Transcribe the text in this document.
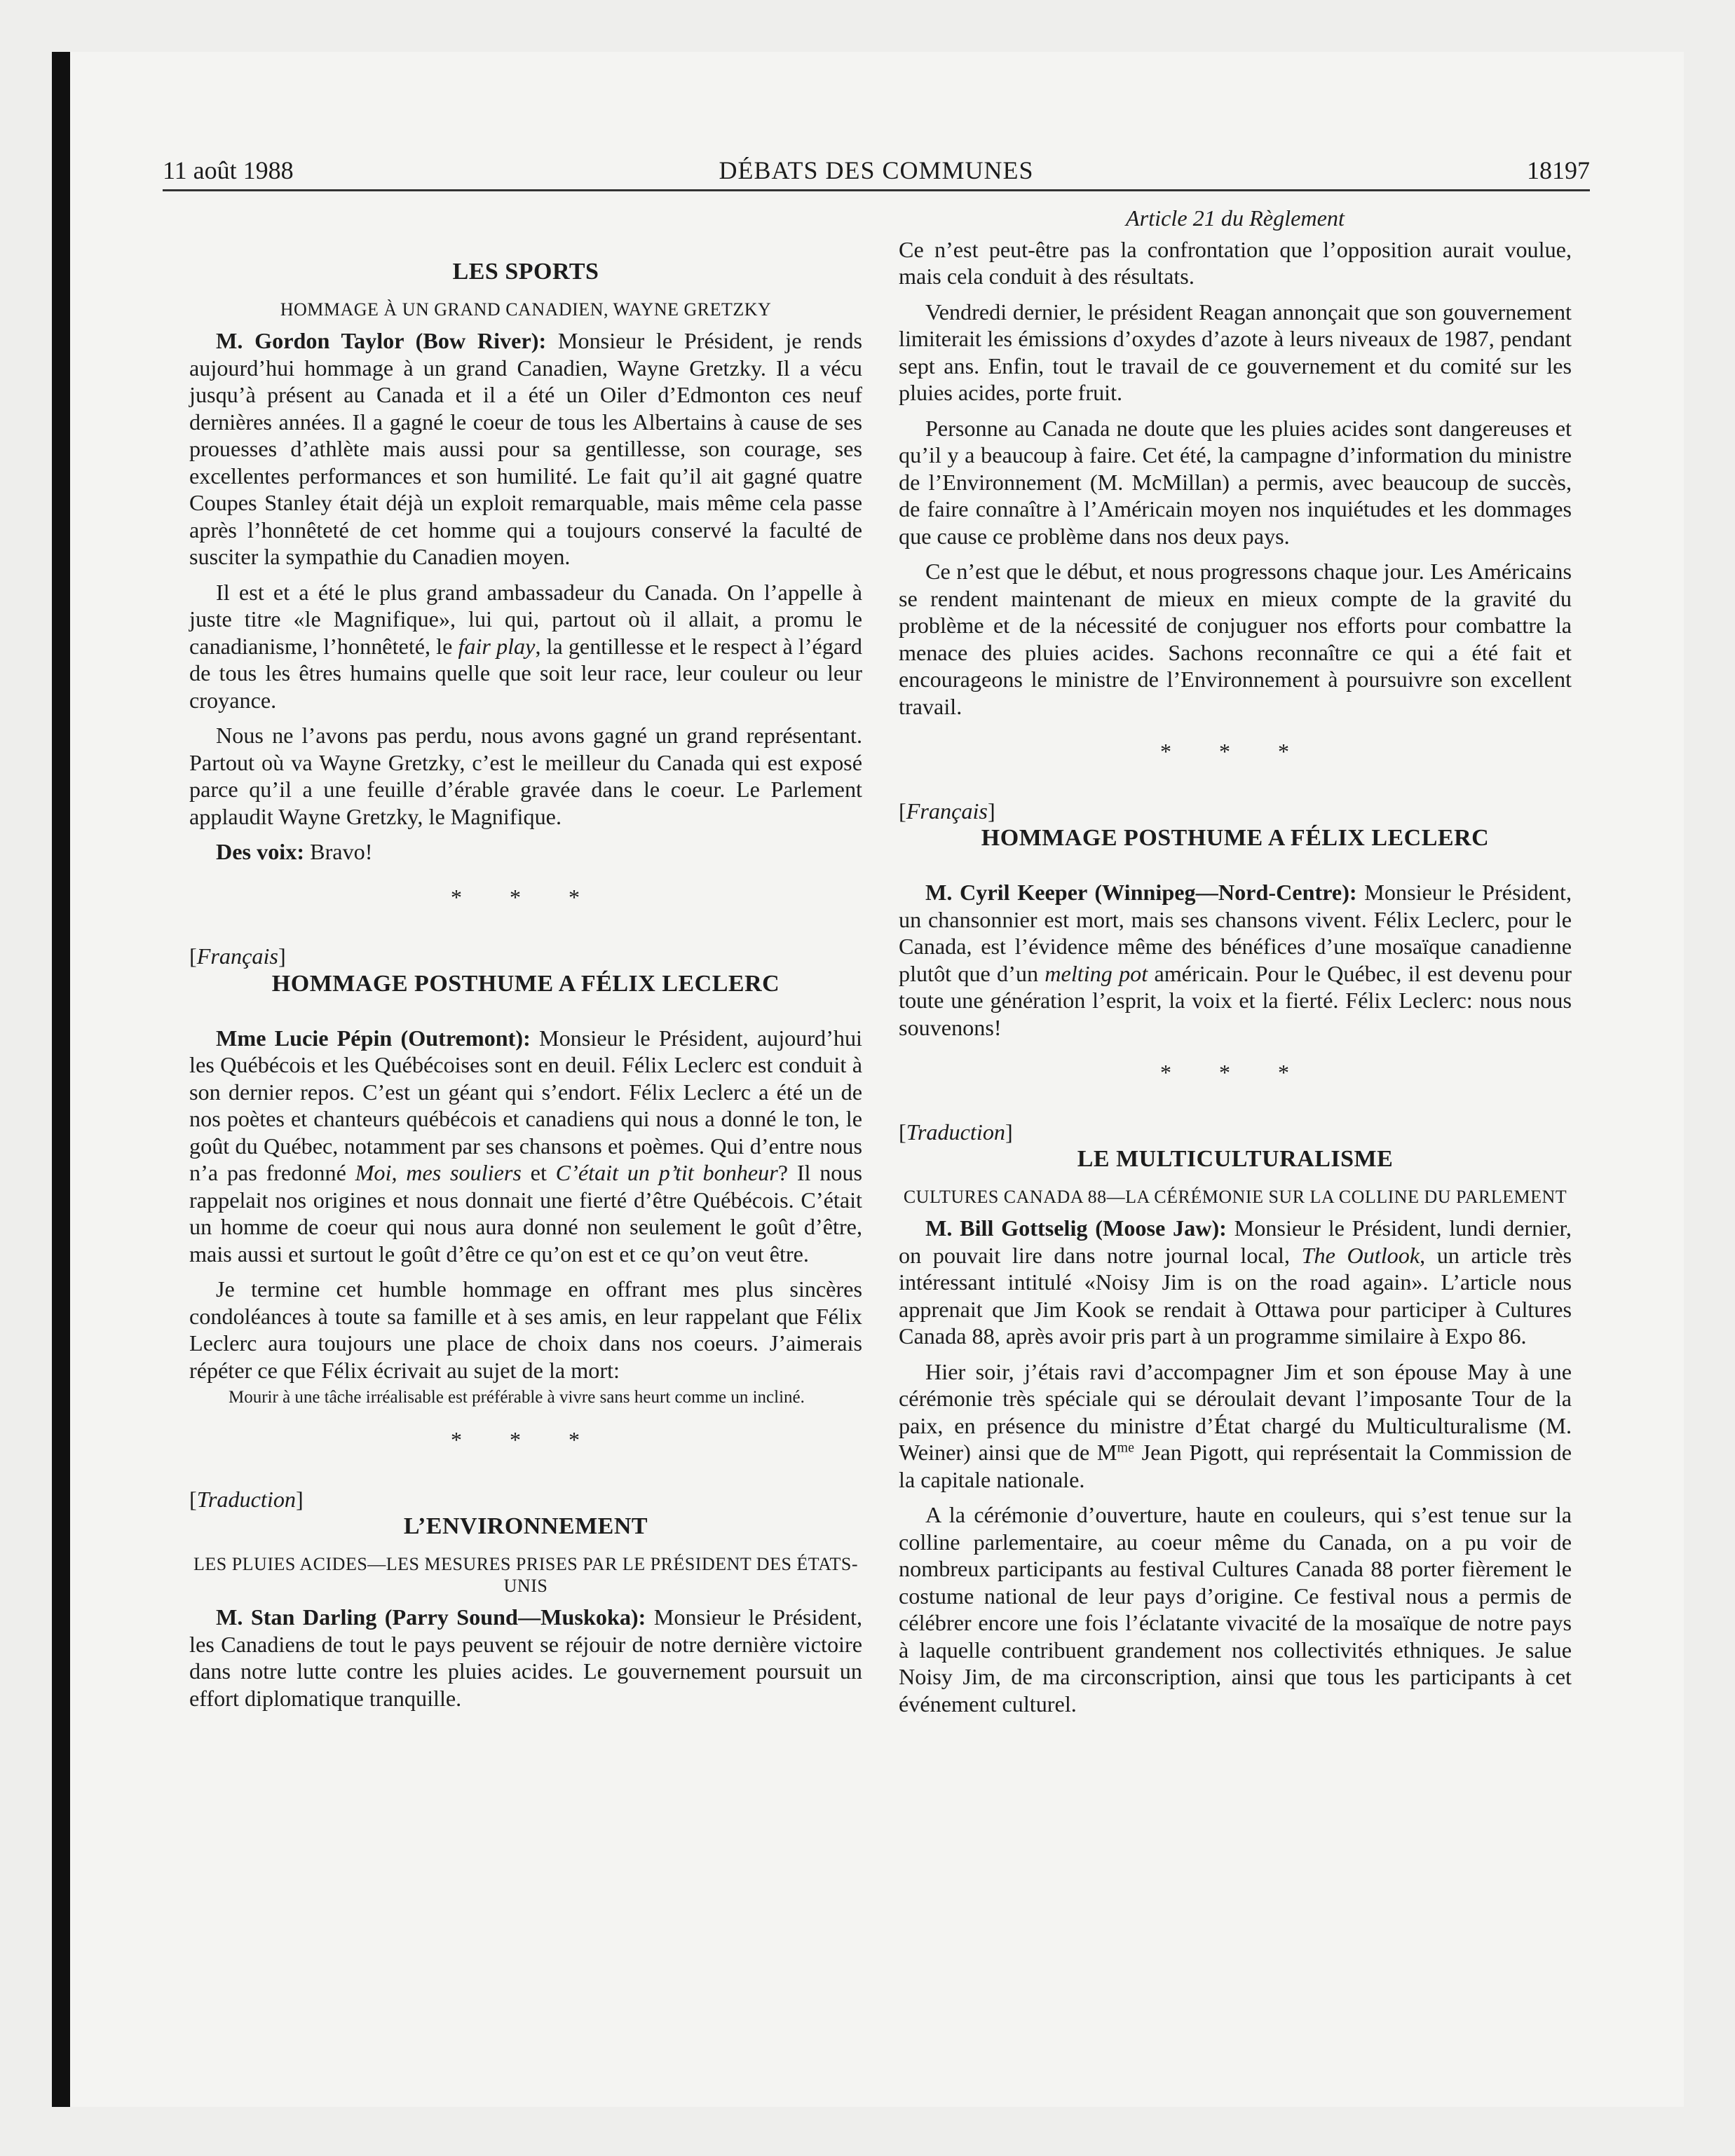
11 août 1988	DÉBATS DES COMMUNES	18197
LES SPORTS
HOMMAGE À UN GRAND CANADIEN, WAYNE GRETZKY

M. Gordon Taylor (Bow River): Monsieur le Président, je rends aujourd’hui hommage à un grand Canadien, Wayne Gretzky. Il a vécu jusqu’à présent au Canada et il a été un Oiler d’Edmonton ces neuf dernières années. Il a gagné le coeur de tous les Albertains à cause de ses prouesses d’athlète mais aussi pour sa gentillesse, son courage, ses excellentes performances et son humilité. Le fait qu’il ait gagné quatre Coupes Stanley était déjà un exploit remarquable, mais même cela passe après l’honnêteté de cet homme qui a toujours conservé la faculté de susciter la sympathie du Canadien moyen.

Il est et a été le plus grand ambassadeur du Canada. On l’appelle à juste titre «le Magnifique», lui qui, partout où il allait, a promu le canadianisme, l’honnêteté, le fair play, la gentillesse et le respect à l’égard de tous les êtres humains quelle que soit leur race, leur couleur ou leur croyance.

Nous ne l’avons pas perdu, nous avons gagné un grand représentant. Partout où va Wayne Gretzky, c’est le meilleur du Canada qui est exposé parce qu’il a une feuille d’érable gravée dans le coeur. Le Parlement applaudit Wayne Gretzky, le Magnifique.

Des voix: Bravo!

* * *

[Français]

HOMMAGE POSTHUME A FÉLIX LECLERC

Mme Lucie Pépin (Outremont): Monsieur le Président, aujourd’hui les Québécois et les Québécoises sont en deuil. Félix Leclerc est conduit à son dernier repos. C’est un géant qui s’endort. Félix Leclerc a été un de nos poètes et chanteurs québécois et canadiens qui nous a donné le ton, le goût du Québec, notamment par ses chansons et poèmes. Qui d’entre nous n’a pas fredonné Moi, mes souliers et C’était un p’tit bonheur? Il nous rappelait nos origines et nous donnait une fierté d’être Québécois. C’était un homme de coeur qui nous aura donné non seulement le goût d’être, mais aussi et surtout le goût d’être ce qu’on est et ce qu’on veut être.

Je termine cet humble hommage en offrant mes plus sincères condoléances à toute sa famille et à ses amis, en leur rappelant que Félix Leclerc aura toujours une place de choix dans nos coeurs. J’aimerais répéter ce que Félix écrivait au sujet de la mort:

Mourir à une tâche irréalisable est préférable à vivre sans heurt comme un incliné.

* * *

[Traduction]

L’ENVIRONNEMENT
LES PLUIES ACIDES—LES MESURES PRISES PAR LE PRÉSIDENT DES ÉTATS-UNIS

M. Stan Darling (Parry Sound—Muskoka): Monsieur le Président, les Canadiens de tout le pays peuvent se réjouir de notre dernière victoire dans notre lutte contre les pluies acides. Le gouvernement poursuit un effort diplomatique tranquille.

Article 21 du Règlement

Ce n’est peut-être pas la confrontation que l’opposition aurait voulue, mais cela conduit à des résultats.

Vendredi dernier, le président Reagan annonçait que son gouvernement limiterait les émissions d’oxydes d’azote à leurs niveaux de 1987, pendant sept ans. Enfin, tout le travail de ce gouvernement et du comité sur les pluies acides, porte fruit.

Personne au Canada ne doute que les pluies acides sont dangereuses et qu’il y a beaucoup à faire. Cet été, la campagne d’information du ministre de l’Environnement (M. McMillan) a permis, avec beaucoup de succès, de faire connaître à l’Américain moyen nos inquiétudes et les dommages que cause ce problème dans nos deux pays.

Ce n’est que le début, et nous progressons chaque jour. Les Américains se rendent maintenant de mieux en mieux compte de la gravité du problème et de la nécessité de conjuguer nos efforts pour combattre la menace des pluies acides. Sachons reconnaître ce qui a été fait et encourageons le ministre de l’Environnement à poursuivre son excellent travail.

* * *

[Français]

HOMMAGE POSTHUME A FÉLIX LECLERC

M. Cyril Keeper (Winnipeg—Nord-Centre): Monsieur le Président, un chansonnier est mort, mais ses chansons vivent. Félix Leclerc, pour le Canada, est l’évidence même des bénéfices d’une mosaïque canadienne plutôt que d’un melting pot américain. Pour le Québec, il est devenu pour toute une génération l’esprit, la voix et la fierté. Félix Leclerc: nous nous souvenons!

* * *

[Traduction]

LE MULTICULTURALISME
CULTURES CANADA 88—LA CÉRÉMONIE SUR LA COLLINE DU PARLEMENT

M. Bill Gottselig (Moose Jaw): Monsieur le Président, lundi dernier, on pouvait lire dans notre journal local, The Outlook, un article très intéressant intitulé «Noisy Jim is on the road again». L’article nous apprenait que Jim Kook se rendait à Ottawa pour participer à Cultures Canada 88, après avoir pris part à un programme similaire à Expo 86.

Hier soir, j’étais ravi d’accompagner Jim et son épouse May à une cérémonie très spéciale qui se déroulait devant l’imposante Tour de la paix, en présence du ministre d’État chargé du Multiculturalisme (M. Weiner) ainsi que de $M^{me}$ Jean Pigott, qui représentait la Commission de la capitale nationale.

A la cérémonie d’ouverture, haute en couleurs, qui s’est tenue sur la colline parlementaire, au coeur même du Canada, on a pu voir de nombreux participants au festival Cultures Canada 88 porter fièrement le costume national de leur pays d’origine. Ce festival nous a permis de célébrer encore une fois l’éclatante vivacité de la mosaïque de notre pays à laquelle contribuent grandement nos collectivités ethniques. Je salue Noisy Jim, de ma circonscription, ainsi que tous les participants à cet événement culturel.
